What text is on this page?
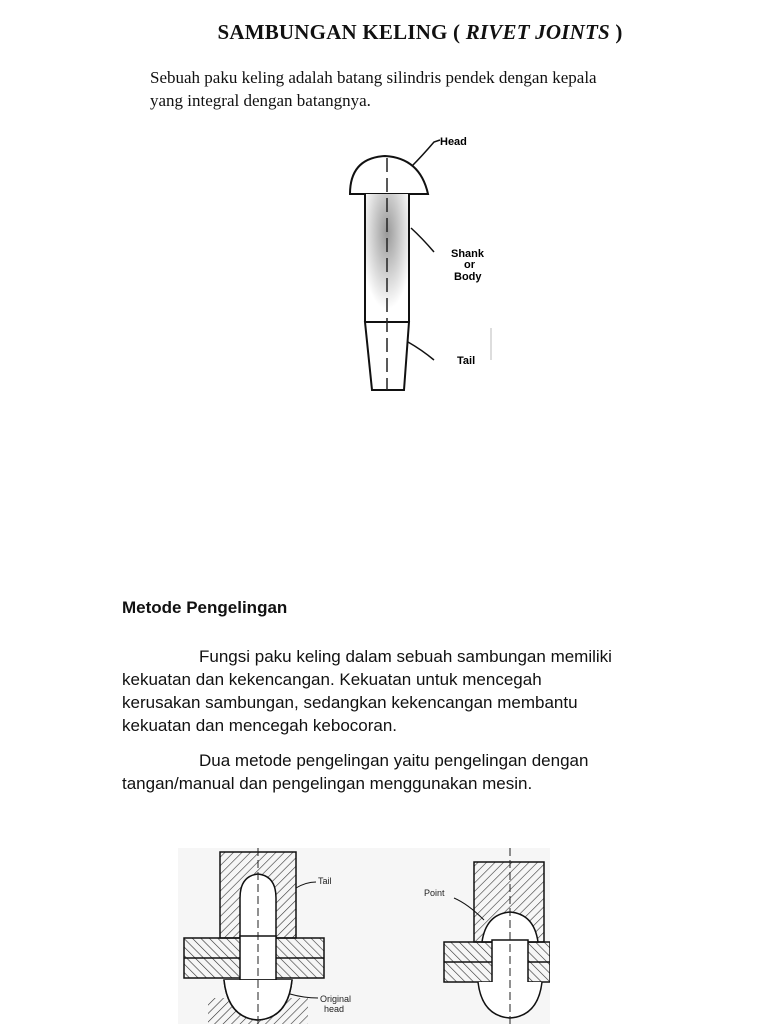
SAMBUNGAN KELING ( RIVET JOINTS )
Sebuah paku keling adalah batang silindris pendek dengan kepala
yang integral dengan batangnya.
Head
Shank
or
Body
Tail
Metode Pengelingan
Fungsi paku keling dalam sebuah sambungan memiliki
kekuatan dan kekencangan. Kekuatan untuk mencegah
kerusakan sambungan, sedangkan kekencangan membantu
kekuatan dan mencegah kebocoran.
Dua metode pengelingan yaitu pengelingan dengan
tangan/manual dan pengelingan menggunakan mesin.
Tail
Original
head
Point
